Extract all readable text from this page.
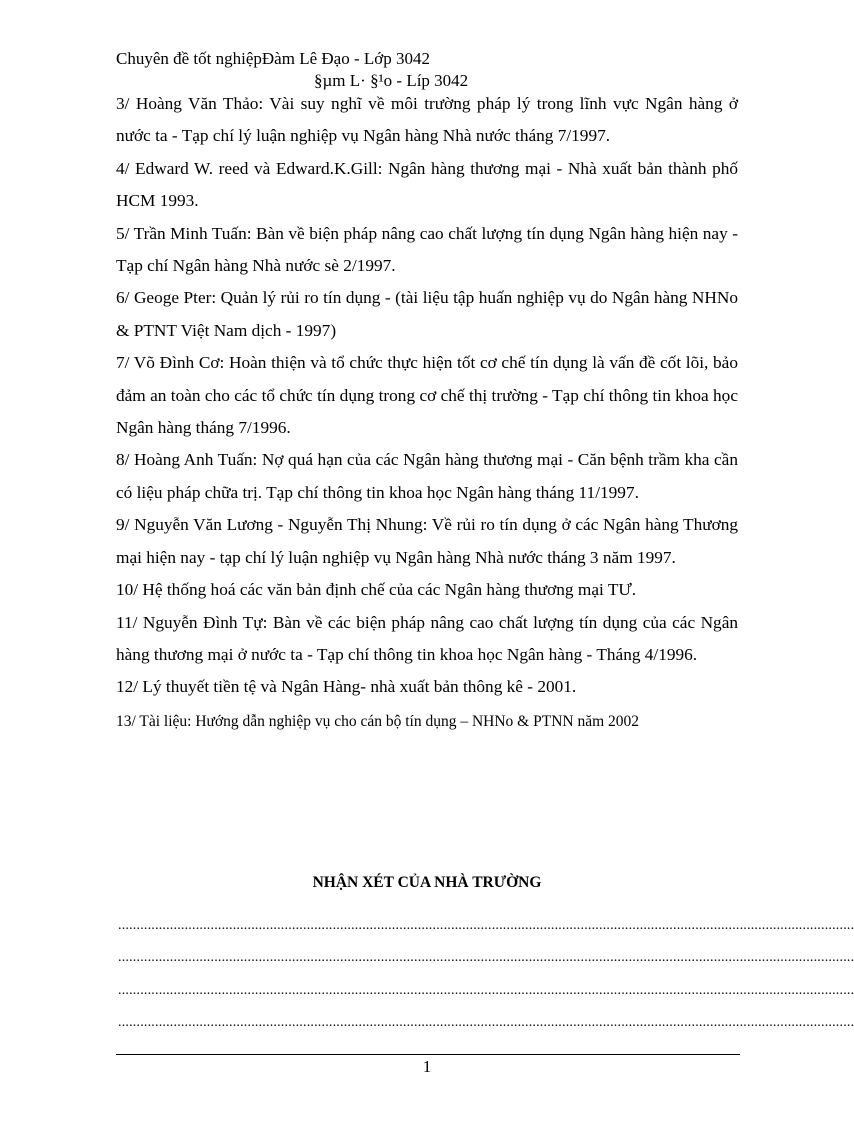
Chuyên đề tốt nghiệpĐàm Lê Đạo - Lớp 3042
§µm L· §¹o - Líp 3042

3/ Hoàng Văn Thảo: Vài suy nghĩ về môi trường pháp lý trong lĩnh vực Ngân hàng ở nước ta - Tạp chí lý luận nghiệp vụ Ngân hàng Nhà nước tháng 7/1997.

4/ Edward W. reed và Edward.K.Gill: Ngân hàng thương mại - Nhà xuất bản thành phố HCM 1993.

5/ Trần Minh Tuấn: Bàn về biện pháp nâng cao chất lượng tín dụng Ngân hàng hiện nay - Tạp chí Ngân hàng Nhà nước sè 2/1997.

6/ Geoge Pter: Quản lý rủi ro tín dụng - (tài liệu tập huấn nghiệp vụ do Ngân hàng NHNo & PTNT Việt Nam dịch - 1997)

7/ Võ Đình Cơ: Hoàn thiện và tổ chức thực hiện tốt cơ chế tín dụng là vấn đề cốt lõi, bảo đảm an toàn cho các tổ chức tín dụng trong cơ chế thị trường - Tạp chí thông tin khoa học Ngân hàng tháng 7/1996.

8/ Hoàng Anh Tuấn: Nợ quá hạn của các Ngân hàng thương mại - Căn bệnh trầm kha cần có liệu pháp chữa trị. Tạp chí thông tin khoa học Ngân hàng tháng 11/1997.

9/ Nguyễn Văn Lương - Nguyễn Thị Nhung: Về rủi ro tín dụng ở các Ngân hàng Thương mại hiện nay - tạp chí lý luận nghiệp vụ Ngân hàng Nhà nước tháng 3 năm 1997.

10/ Hệ thống hoá các văn bản định chế của các Ngân hàng thương mại TƯ.

11/ Nguyễn Đình Tự: Bàn về các biện pháp nâng cao chất lượng tín dụng của các Ngân hàng thương mại ở nước ta - Tạp chí thông tin khoa học Ngân hàng - Tháng 4/1996.

12/ Lý thuyết tiền tệ và Ngân Hàng- nhà xuất bản thông kê - 2001.

13/ Tài liệu: Hướng dẫn nghiệp vụ cho cán bộ tín dụng – NHNo & PTNN năm 2002

NHẬN XÉT CỦA NHÀ TRƯỜNG
.......................................................................................................................................................................................................
.......................................................................................................................................................................................................
.......................................................................................................................................................................................................
.......................................................................................................................................................................................................
1
